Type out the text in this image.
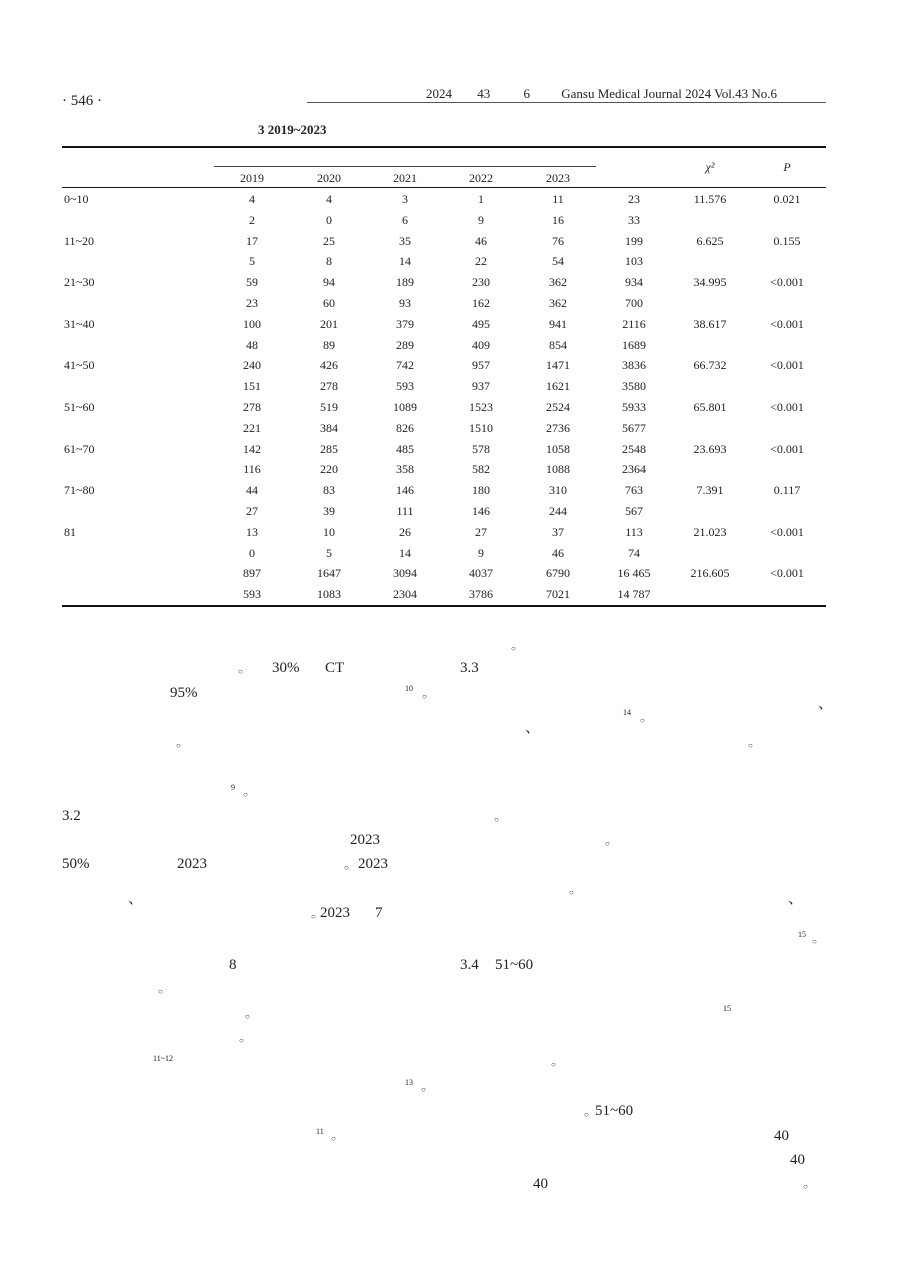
· 546 ·	2024 43	6 Gansu Medical Journal 2024 Vol.43 No.6
3 2019~2023
2019	2020	2021	2022	2023
χ²	P
0~10	4	4	3	1	11	23	11.576	0.021
2	0	6	9	16	33
11~20	17	25	35	46	76	199	6.625	0.155
5	8	14	22	54	103
21~30	59	94	189	230	362	934	34.995	<0.001
23	60	93	162	362	700
31~40	100	201	379	495	941	2116	38.617	<0.001
48	89	289	409	854	1689
41~50	240	426	742	957	1471	3836	66.732	<0.001
151	278	593	937	1621	3580
51~60	278	519	1089	1523	2524	5933	65.801	<0.001
221	384	826	1510	2736	5677
61~70	142	285	485	578	1058	2548	23.693	<0.001
116	220	358	582	1088	2364
71~80	44	83	146	180	310	763	7.391	0.117
27	39	111	146	244	567
81	13	10	26	27	37	113	21.023	<0.001
0	5	14	9	46	74
897	1647	3094	4037	6790	16 465	216.605	<0.001
593	1083	2304	3786	7021	14 787
○
○ 30% CT	3.3
95%	10
○	、
、
14
○
○	○
9
○
3.2	○
2023	○
50%	2023	○ 2023
、	○	、
○ 2023 7
15
○
8	3.4 51~60
○
○
15
○
11~12
○
13
○
○ 51~60
11
○	40
40
40	○
